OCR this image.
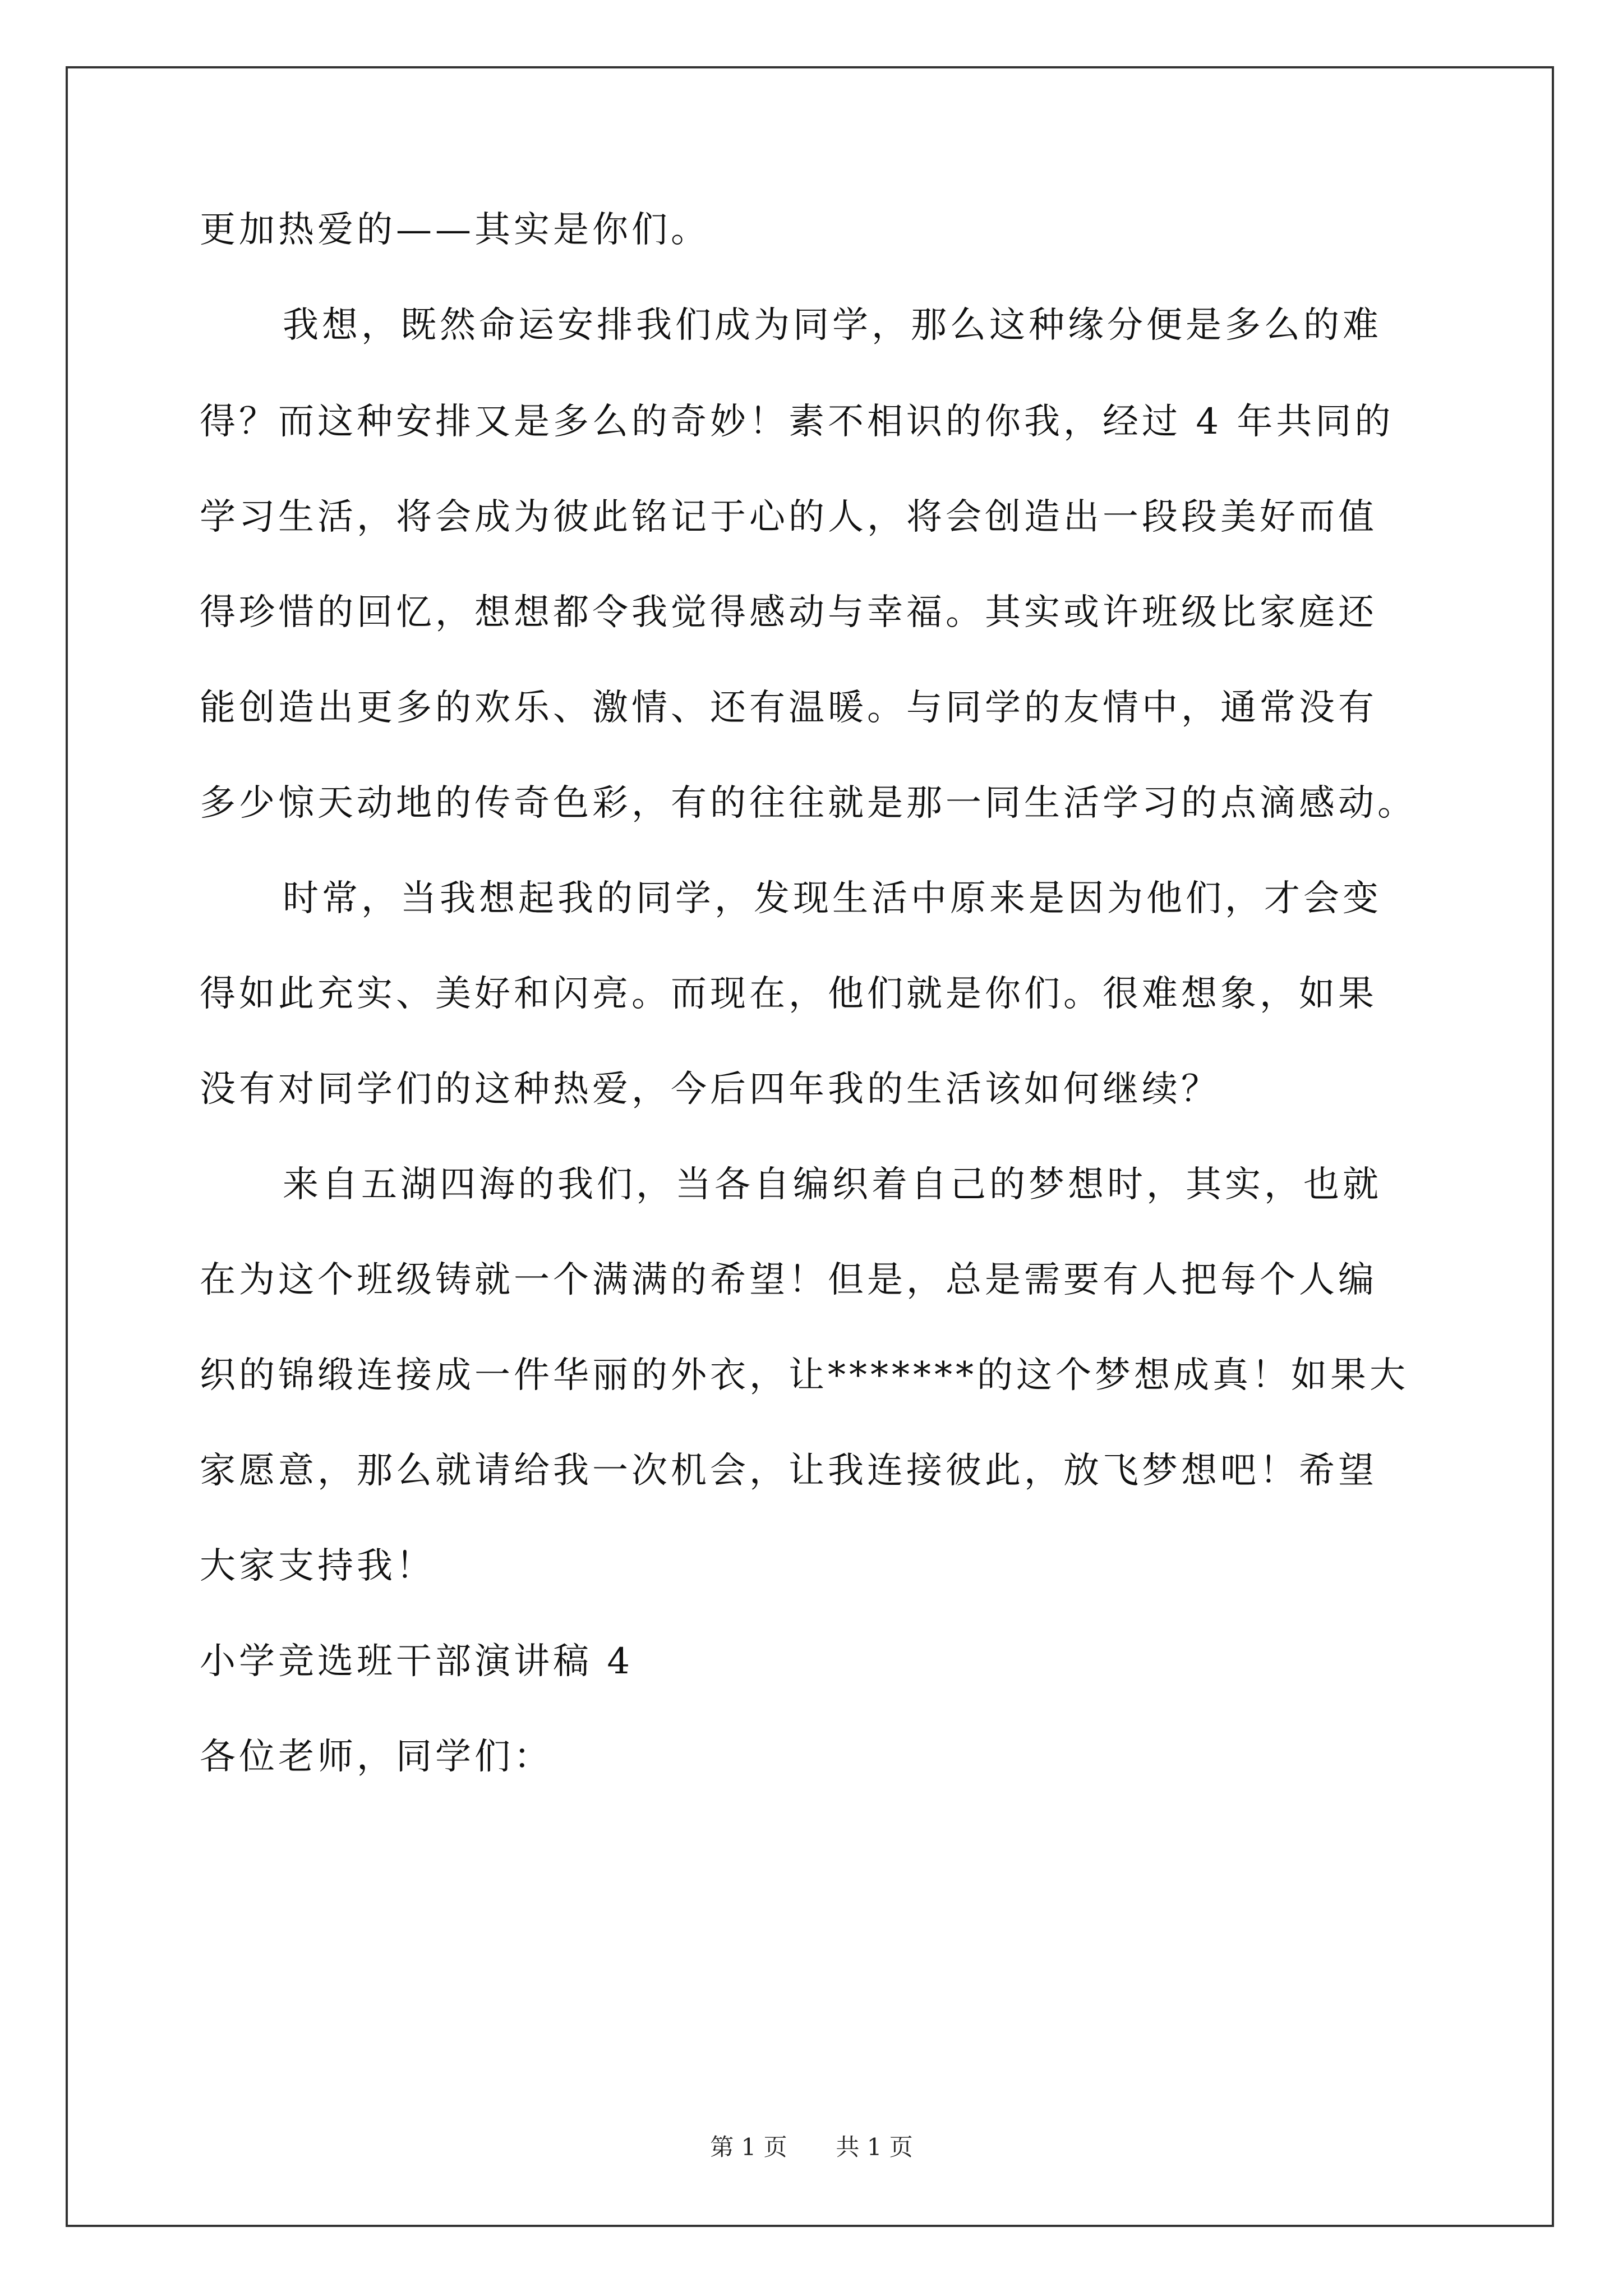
更加热爱的——其实是你们。
我想，既然命运安排我们成为同学，那么这种缘分便是多么的难
得？而这种安排又是多么的奇妙！素不相识的你我，经过 4 年共同的
学习生活，将会成为彼此铭记于心的人，将会创造出一段段美好而值
得珍惜的回忆，想想都令我觉得感动与幸福。其实或许班级比家庭还
能创造出更多的欢乐、激情、还有温暖。与同学的友情中，通常没有
多少惊天动地的传奇色彩，有的往往就是那一同生活学习的点滴感动。
时常，当我想起我的同学，发现生活中原来是因为他们，才会变
得如此充实、美好和闪亮。而现在，他们就是你们。很难想象，如果
没有对同学们的这种热爱，今后四年我的生活该如何继续？
来自五湖四海的我们，当各自编织着自己的梦想时，其实，也就
在为这个班级铸就一个满满的希望！但是，总是需要有人把每个人编
织的锦缎连接成一件华丽的外衣，让*******的这个梦想成真！如果大
家愿意，那么就请给我一次机会，让我连接彼此，放飞梦想吧！希望
大家支持我！
小学竞选班干部演讲稿 4
各位老师，同学们：
第 1 页 共 1 页
